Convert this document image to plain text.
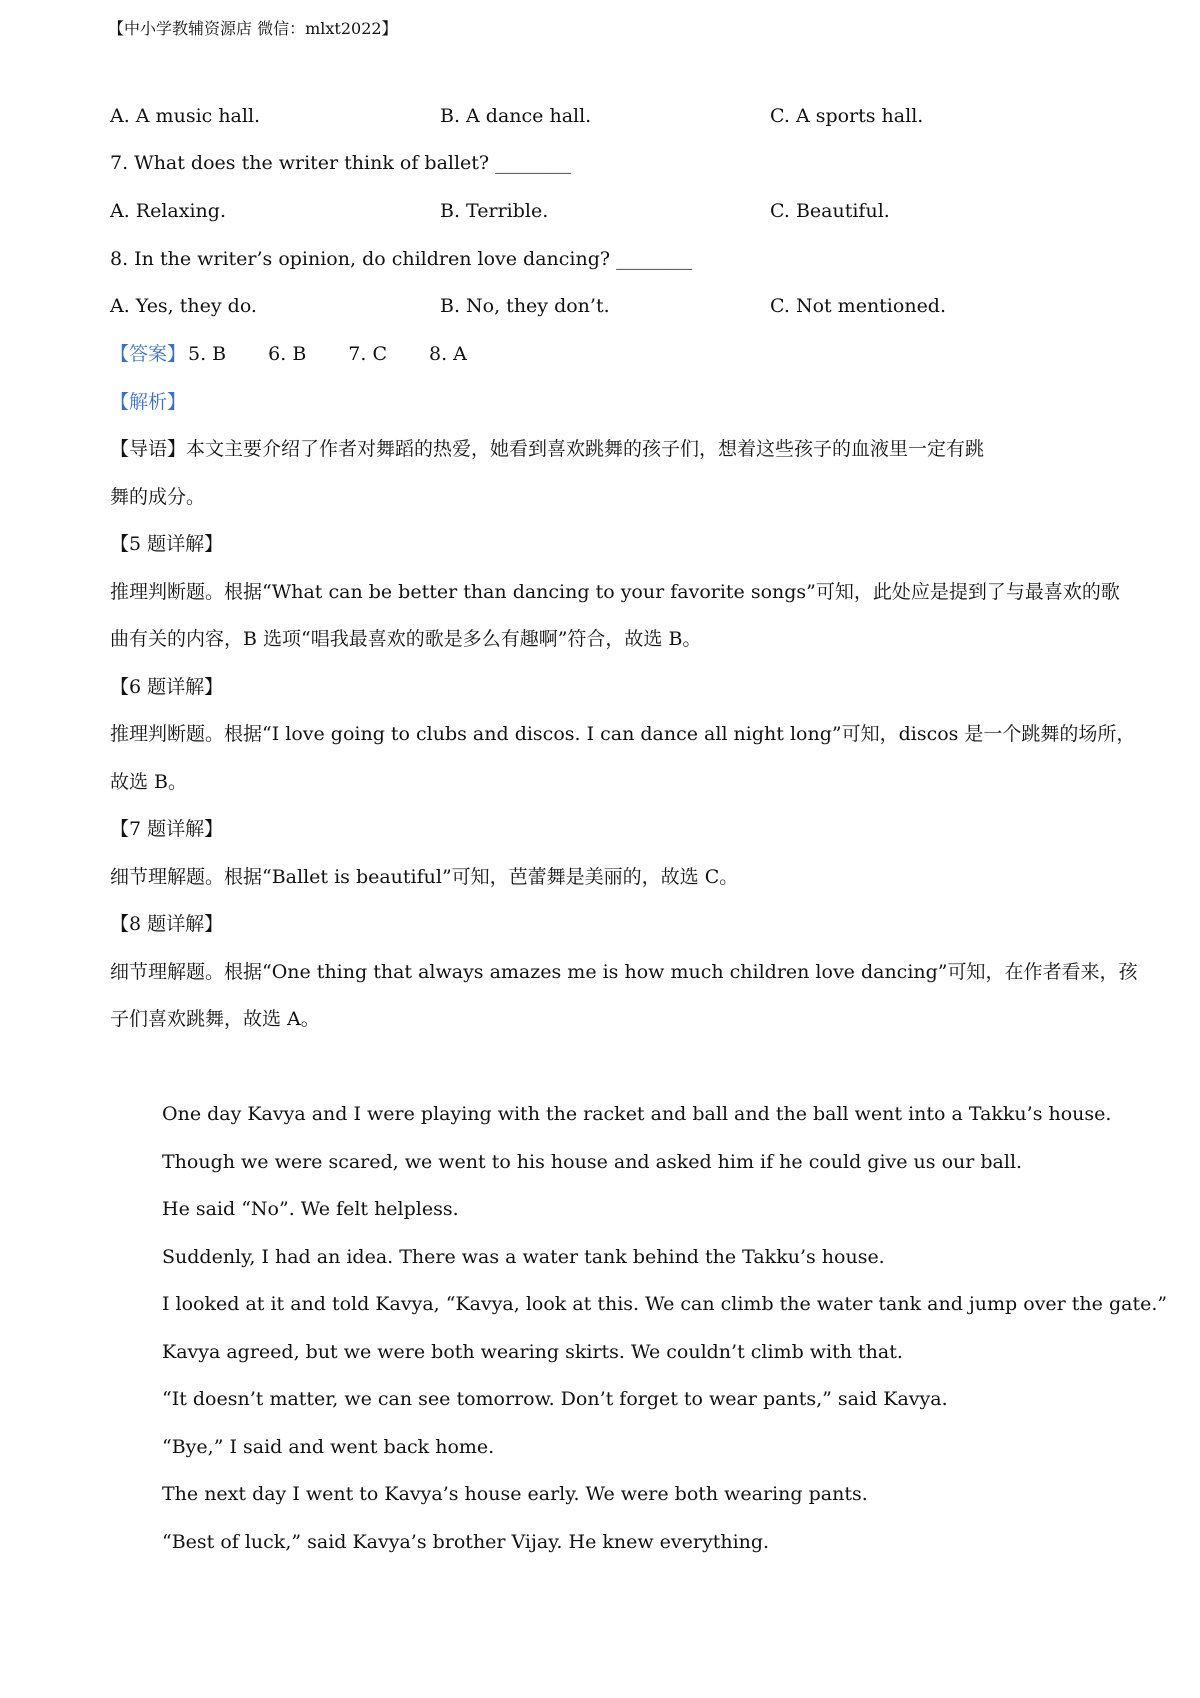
【中小学教辅资源店 微信：mlxt2022】
A. A music hall.	B. A dance hall.	C. A sports hall.
7. What does the writer think of ballet? ________
A. Relaxing.	B. Terrible.	C. Beautiful.
8. In the writer’s opinion, do children love dancing? ________
A. Yes, they do.	B. No, they don’t.	C. Not mentioned.
【答案】 5. B 6. B 7. C 8. A
【解析】
【导语】本文主要介绍了作者对舞蹈的热爱，她看到喜欢跳舞的孩子们，想着这些孩子的血液里一定有跳
舞的成分。
【5 题详解】
推理判断题。根据“What can be better than dancing to your favorite songs”可知，此处应是提到了与最喜欢的歌
曲有关的内容，B 选项“唱我最喜欢的歌是多么有趣啊”符合，故选 B。
【6 题详解】
推理判断题。根据“I love going to clubs and discos. I can dance all night long”可知，discos 是一个跳舞的场所，
故选 B。
【7 题详解】
细节理解题。根据“Ballet is beautiful”可知，芭蕾舞是美丽的，故选 C。
【8 题详解】
细节理解题。根据“One thing that always amazes me is how much children love dancing”可知，在作者看来，孩
子们喜欢跳舞，故选 A。
One day Kavya and I were playing with the racket and ball and the ball went into a Takku’s house.
Though we were scared, we went to his house and asked him if he could give us our ball.
He said “No”. We felt helpless.
Suddenly, I had an idea. There was a water tank behind the Takku’s house.
I looked at it and told Kavya, “Kavya, look at this. We can climb the water tank and jump over the gate.”
Kavya agreed, but we were both wearing skirts. We couldn’t climb with that.
“It doesn’t matter, we can see tomorrow. Don’t forget to wear pants,” said Kavya.
“Bye,” I said and went back home.
The next day I went to Kavya’s house early. We were both wearing pants.
“Best of luck,” said Kavya’s brother Vijay. He knew everything.
